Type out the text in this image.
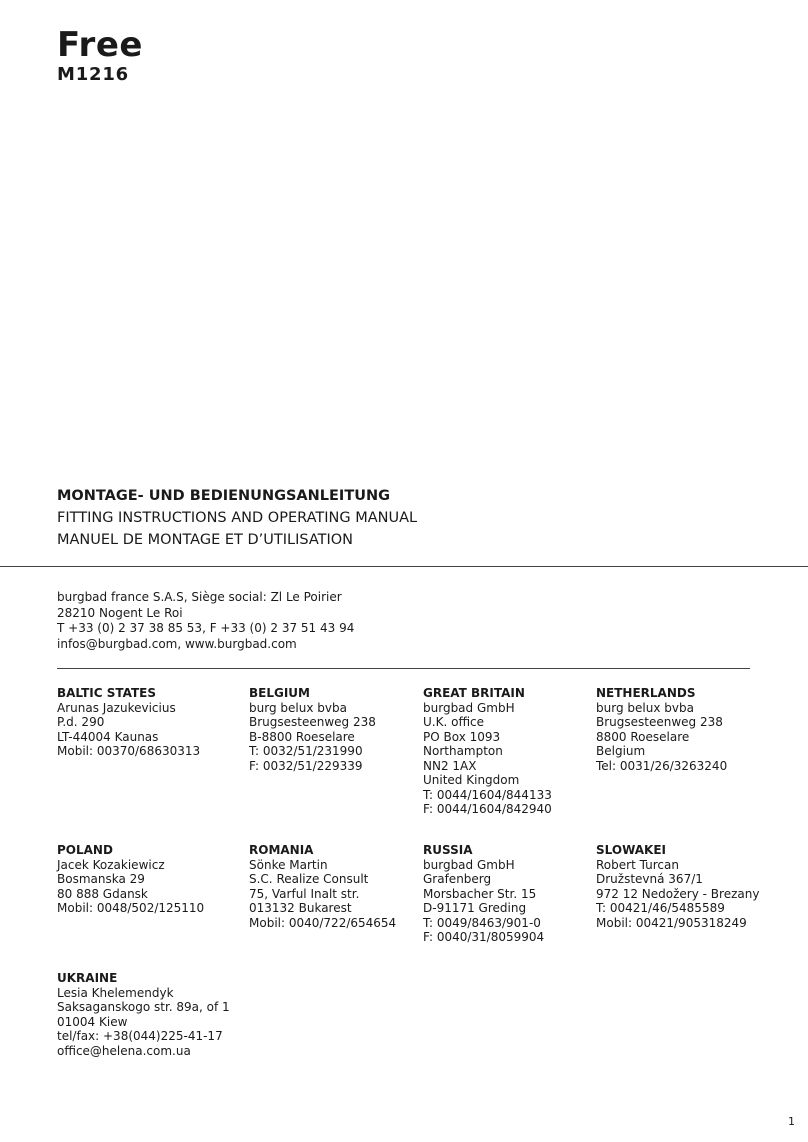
Free
M1216
MONTAGE- UND BEDIENUNGSANLEITUNG
FITTING INSTRUCTIONS AND OPERATING MANUAL
MANUEL DE MONTAGE ET D’UTILISATION
burgbad france S.A.S, Siège social: Zl Le Poirier
28210 Nogent Le Roi
T +33 (0) 2 37 38 85 53, F +33 (0) 2 37 51 43 94
infos@burgbad.com, www.burgbad.com
BALTIC STATES
Arunas Jazukevicius
P.d. 290
LT-44004 Kaunas
Mobil: 00370/68630313
BELGIUM
burg belux bvba
Brugsesteenweg 238
B-8800 Roeselare
T: 0032/51/231990
F: 0032/51/229339
GREAT BRITAIN
burgbad GmbH
U.K. office
PO Box 1093
Northampton
NN2 1AX
United Kingdom
T: 0044/1604/844133
F: 0044/1604/842940
NETHERLANDS
burg belux bvba
Brugsesteenweg 238
8800 Roeselare
Belgium
Tel: 0031/26/3263240
POLAND
Jacek Kozakiewicz
Bosmanska 29
80 888 Gdansk
Mobil: 0048/502/125110
ROMANIA
Sönke Martin
S.C. Realize Consult
75, Varful Inalt str.
013132 Bukarest
Mobil: 0040/722/654654
RUSSIA
burgbad GmbH
Grafenberg
Morsbacher Str. 15
D-91171 Greding
T: 0049/8463/901-0
F: 0040/31/8059904
SLOWAKEI
Robert Turcan
Družstevná 367/1
972 12 Nedožery - Brezany
T: 00421/46/5485589
Mobil: 00421/905318249
UKRAINE
Lesia Khelemendyk
Saksaganskogo str. 89a, of 1
01004 Kiew
tel/fax: +38(044)225-41-17
office@helena.com.ua
1
